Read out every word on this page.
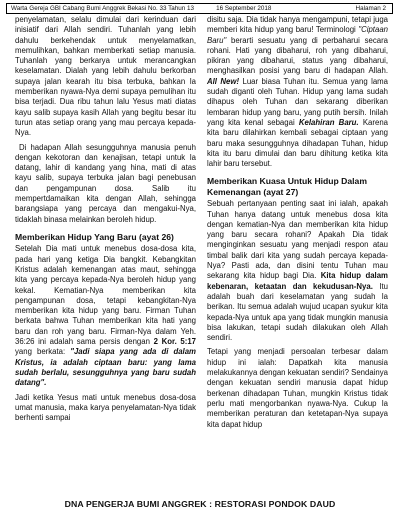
Warta Gereja GBI Cabang Bumi Anggrek Bekasi No. 33 Tahun 13	16 September 2018	Halaman 2

penyelamatan, selalu dimulai dari kerinduan dari inisiatif dari Allah sendiri. Tuhanlah yang lebih dahulu berkehendak untuk menyelamatkan, memulihkan, bahkan memberkati setiap manusia. Tuhanlah yang berkarya untuk merancangkan keselamatan. Dialah yang lebih dahulu berkorban supaya jalan kearah itu bisa terbuka, bahkan la memberikan nyawa-Nya demi supaya pemulihan itu bisa terjadi. Dua ribu tahun lalu Yesus mati diatas kayu salib supaya kasih Allah yang begitu besar itu turun atas setiap orang yang mau percaya kepada-Nya.

Di hadapan Allah sesungguhnya manusia penuh dengan kekotoran dan kenajisan, tetapi untuk la datang, lahir di kandang yang hina, mati di atas kayu salib, supaya terbuka jalan bagi penebusan dan pengampunan dosa. Salib itu mempertdamaikan kita dengan Allah, sehingga barangsiapa yang percaya dan mengakui-Nya, tidaklah binasa melainkan beroleh hidup.

Memberikan Hidup Yang Baru (ayat 26)

Setelah Dia mati untuk menebus dosa-dosa kita, pada hari yang ketiga Dia bangkit. Kebangkitan Kristus adalah kemenangan atas maut, sehingga kita yang percaya kepada-Nya beroleh hidup yang kekal. Kematian-Nya memberikan kita pengampunan dosa, tetapi kebangkitan-Nya memberikan kita hidup yang baru. Firman Tuhan berkata bahwa Tuhan memberikan kita hati yang baru dan roh yang baru. Firman-Nya dalam Yeh. 36:26 ini adalah sama persis dengan 2 Kor. 5:17 yang berkata: "Jadi siapa yang ada di dalam Kristus, ia adalah ciptaan baru: yang lama sudah berlalu, sesungguhnya yang baru sudah datang".

Jadi ketika Yesus mati untuk menebus dosa-dosa umat manusia, maka karya penyelamatan-Nya tidak berhenti sampai

disitu saja. Dia tidak hanya mengampuni, tetapi juga memberi kita hidup yang baru! Terminologi "Ciptaan Baru" berarti sesuatu yang di perbaharui secara rohani. Hati yang dibaharui, roh yang dibaharui, pikiran yang dibaharui, status yang dibaharui, menghasilkan posisi yang baru di hadapan Allah. All New! Luar biasa Tuhan itu. Semua yang lama sudah diganti oleh Tuhan. Hidup yang lama sudah dihapus oleh Tuhan dan sekarang diberikan lembaran hidup yang baru, yang putih bersih. Inilah yang kita kenal sebagai Kelahiran Baru. Karena kita baru dilahirkan kembali sebagai ciptaan yang baru maka sesungguhnya dihadapan Tuhan, hidup kita itu baru dimulai dan baru dihitung ketika kita lahir baru tersebut.

Memberikan Kuasa Untuk Hidup Dalam Kemenangan (ayat 27)

Sebuah pertanyaan penting saat ini ialah, apakah Tuhan hanya datang untuk menebus dosa kita dengan kematian-Nya dan memberikan kita hidup yang baru secara rohani? Apakah Dia tidak menginginkan sesuatu yang menjadi respon atau timbal balik dari kita yang sudah percaya kepada-Nya? Pasti ada, dan disini tentu Tuhan mau sekarang kita hidup bagi Dia. Kita hidup dalam kebenaran, ketaatan dan kekudusan-Nya. Itu adalah buah dari keselamatan yang sudah la berikan. Itu semua adalah wujud ucapan syukur kita kepada-Nya untuk apa yang tidak mungkin manusia bisa lakukan, tetapi sudah dilakukan oleh Allah sendiri.

Tetapi yang menjadi persoalan terbesar dalam hidup ini ialah: Dapatkah kita manusia melakukannya dengan kekuatan sendiri? Sendainya dengan kekuatan sendiri manusia dapat hidup berkenan dihadapan Tuhan, mungkin Kristus tidak perlu mati mengorbankan nyawa-Nya. Cukup la memberikan peraturan dan ketetapan-Nya supaya kita dapat hidup

DNA PENGERJA BUMI ANGGREK : RESTORASI PONDOK DAUD
